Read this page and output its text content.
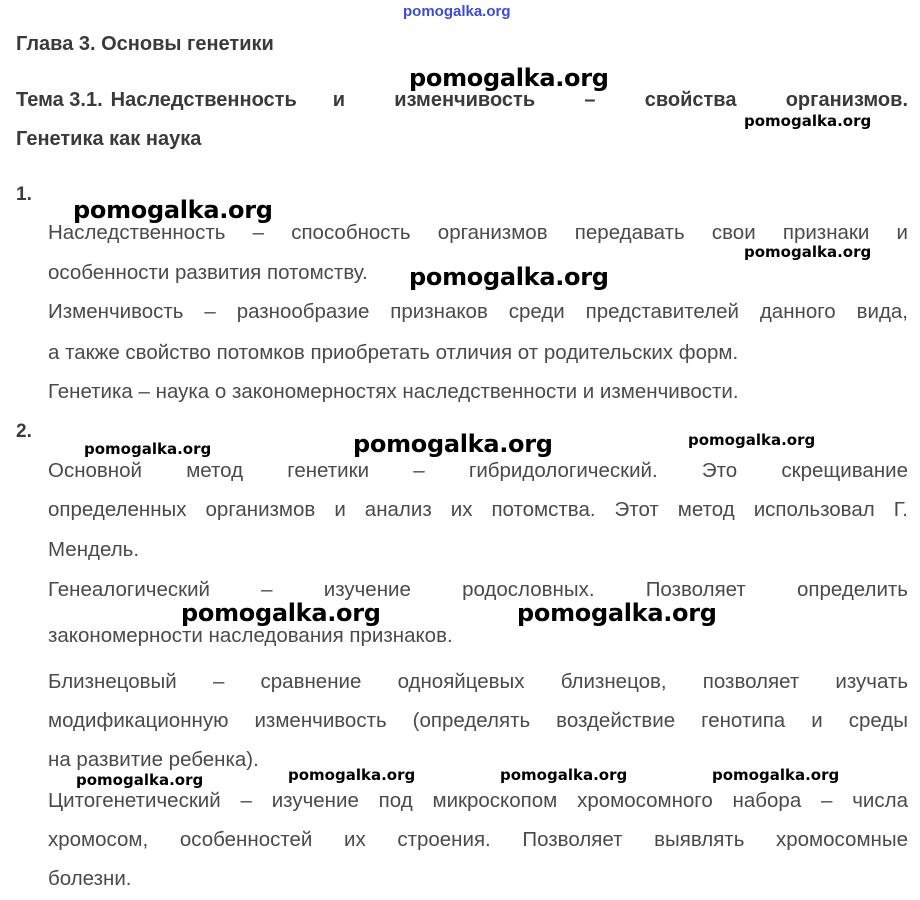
pomogalka.org
Глава 3. Основы генетики
Тема 3.1. Наследственность и изменчивость – свойства организмов.
Генетика как наука
1.
Наследственность – способность организмов передавать свои признаки и
особенности развития потомству.
Изменчивость – разнообразие признаков среди представителей данного вида,
а также свойство потомков приобретать отличия от родительских форм.
Генетика – наука о закономерностях наследственности и изменчивости.
2.
Основной метод генетики – гибридологический. Это скрещивание
определенных организмов и анализ их потомства. Этот метод использовал Г.
Мендель.
Генеалогический – изучение родословных. Позволяет определить
закономерности наследования признаков.
Близнецовый – сравнение однояйцевых близнецов, позволяет изучать
модификационную изменчивость (определять воздействие генотипа и среды
на развитие ребенка).
Цитогенетический – изучение под микроскопом хромосомного набора – числа
хромосом, особенностей их строения. Позволяет выявлять хромосомные
болезни.
pomogalka.org
pomogalka.org
pomogalka.org
pomogalka.org
pomogalka.org	pomogalka.org
pomogalka.org
pomogalka.org
pomogalka.org	pomogalka.org
pomogalka.org	pomogalka.org	pomogalka.org	pomogalka.org
